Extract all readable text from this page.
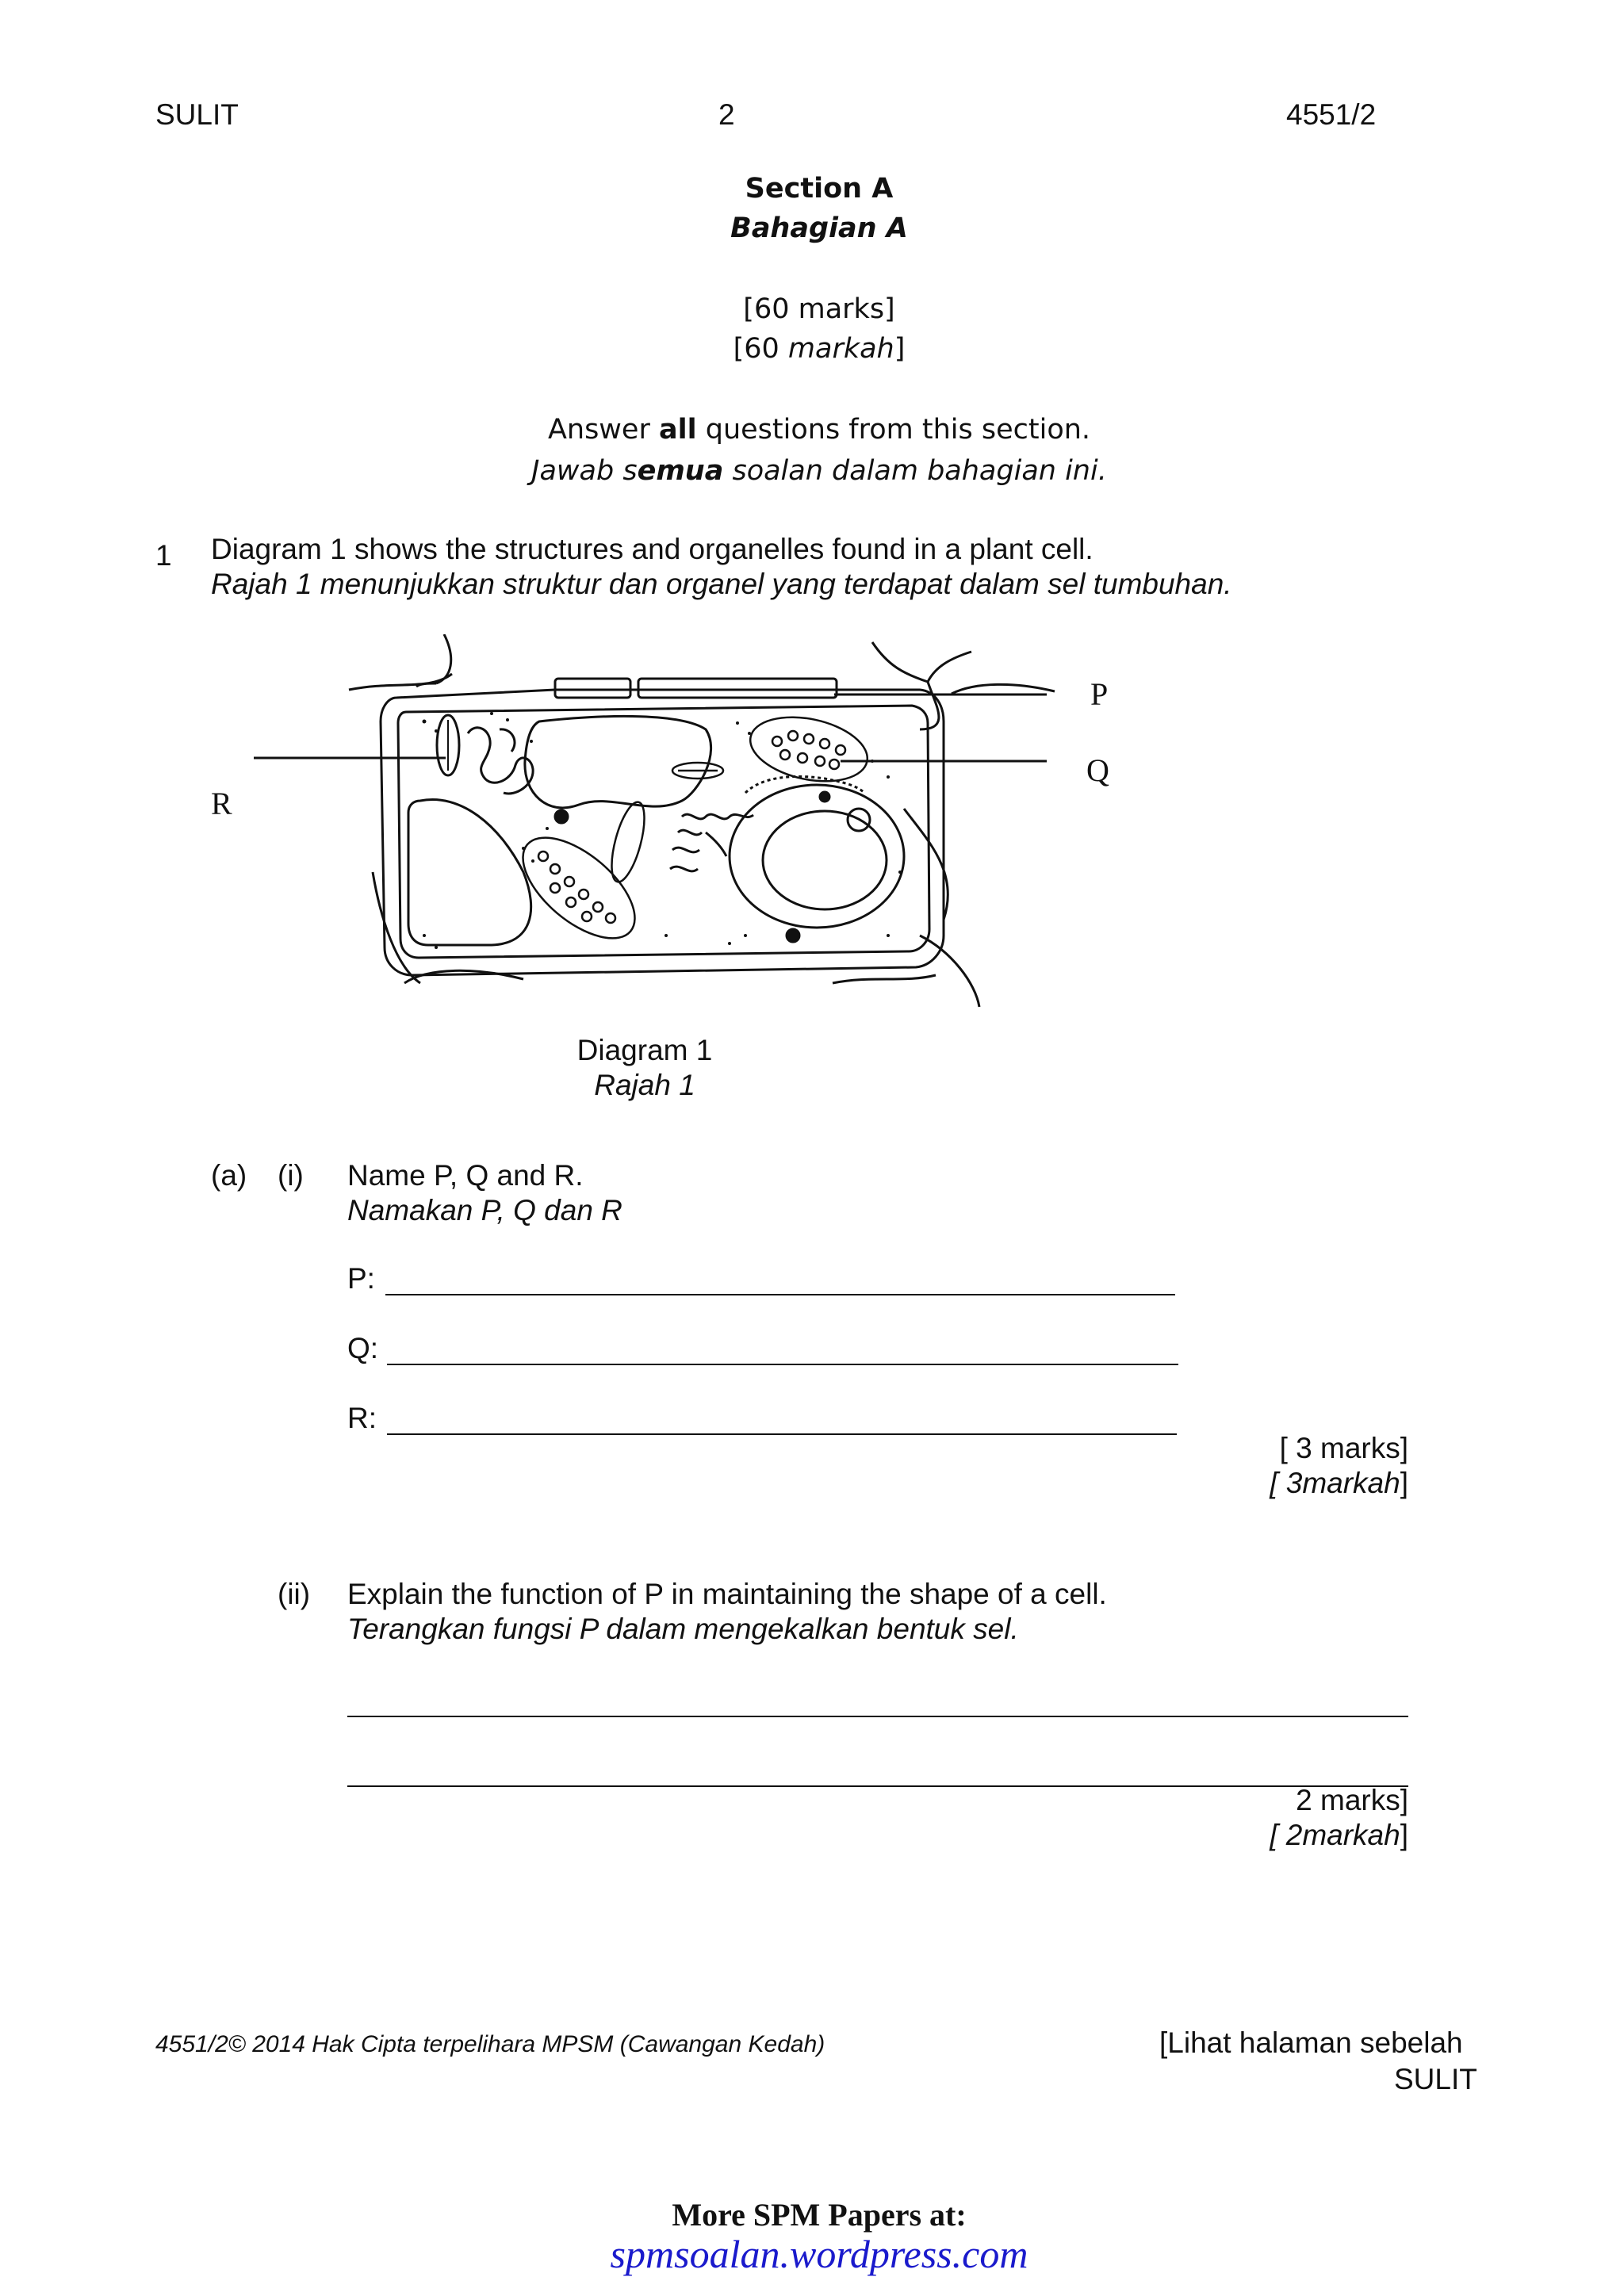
SULIT	2	4551/2
Section A
Bahagian A
[60 marks]
[60 markah]
Answer all questions from this section.
Jawab semua soalan dalam bahagian ini.
1 Diagram 1 shows the structures and organelles found in a plant cell.
Rajah 1 menunjukkan struktur dan organel yang terdapat dalam sel tumbuhan.
P
Q
R
Diagram 1
Rajah 1
(a) (i) Name P, Q and R.
Namakan P, Q dan R
P:
Q:
R:
[ 3 marks]
[ 3markah]
(ii) Explain the function of P in maintaining the shape of a cell.
Terangkan fungsi P dalam mengekalkan bentuk sel.
2 marks]
[ 2markah]
4551/2© 2014 Hak Cipta terpelihara MPSM (Cawangan Kedah)	[Lihat halaman sebelah
SULIT
More SPM Papers at:
spmsoalan.wordpress.com
